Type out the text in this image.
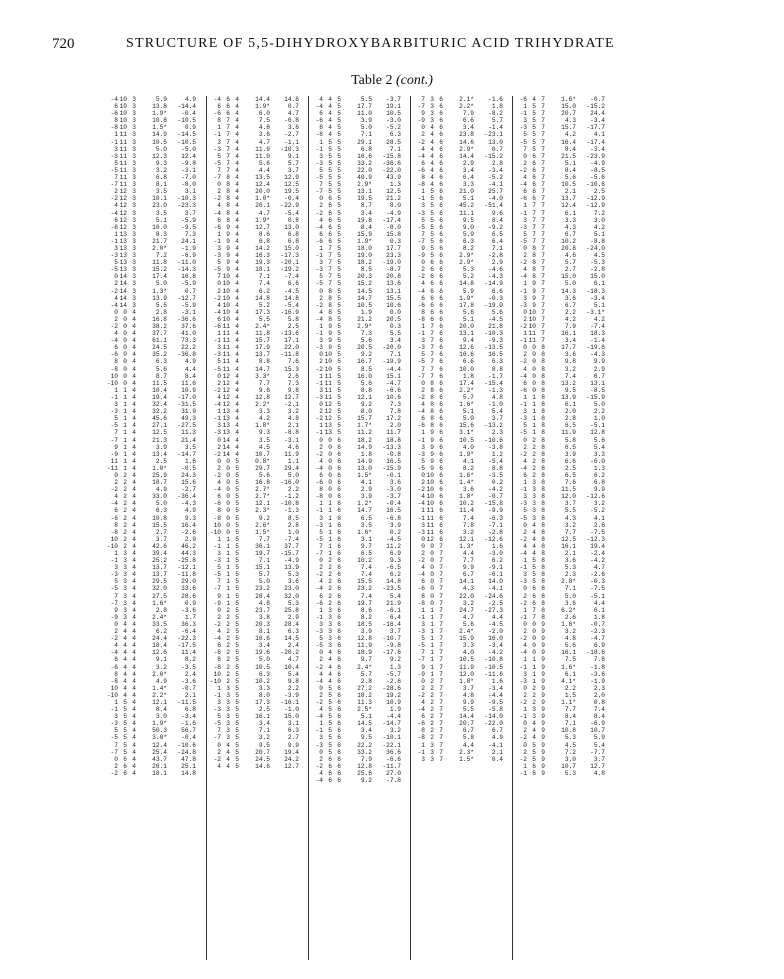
720	STRUCTURE OF 5,5-DIHYDROXYBARBITURIC ACID TRIHYDRATE
Table 2 (cont.)
-4 10 3	5.9	4.9
6 10 3	13.8	-14.4
-6 10 3	1.9*	-0.4
8 10 3	10.8	-10.5
-8 10 3	1.5*	0.9
1 11 3	14.9	-14.5
-1 11 3	10.5	-10.5
3 11 3	5.0	-5.0
-3 11 3	12.3	12.4
5 11 3	9.3	-9.8
-5 11 3	3.2	-3.1
7 11 3	6.8	-7.0
-7 11 3	8.1	-8.0
2 12 3	3.5	3.1
-2 12 3	10.1	-10.3
4 12 3	23.0	-23.3
-4 12 3	3.5	3.7
6 12 3	5.1	-5.9
-6 12 3	10.0	-9.5
1 13 3	8.3	7.3
-1 13 3	21.7	24.1
3 13 3	2.0*	-1.9
-3 13 3	7.2	-6.9
5 13 3	11.8	-11.0
-5 13 3	15.2	-14.3
0 14 3	17.4	16.8
2 14 3	5.0	-5.9
-2 14 3	1.3*	0.7
4 14 3	13.9	-12.7
-4 14 3	5.5	-5.9
0 0 4	2.8	-3.1
2 0 4	16.8	-36.6
-2 0 4	38.2	37.6
4 0 4	37.7	41.0
-4 0 4	61.1	73.3
6 0 4	24.5	22.2
-6 0 4	35.2	-36.8
8 0 4	6.3	4.9
-8 0 4	5.6	4.4
10 0 4	8.7	8.4
-10 0 4	11.5	11.6
1 1 4	10.4	10.9
-1 1 4	19.4	-17.0
3 1 4	32.4	-31.5
-3 1 4	32.2	31.9
5 1 4	45.6	49.3
-5 1 4	27.1	-27.5
7 1 4	12.5	11.3
-7 1 4	21.3	21.4
9 1 4	3.9	3.5
-9 1 4	13.4	-14.7
11 1 4	2.5	1.6
-11 1 4	1.0*	-0.5
0 2 4	25.9	24.3
2 2 4	18.7	15.6
-2 2 4	4.9	-2.7
4 2 4	33.0	-36.4
-4 2 4	5.0	-4.3
6 2 4	6.3	4.9
-6 2 4	10.8	9.3
8 2 4	15.5	16.4
-8 2 4	2.7	-2.6
10 2 4	3.7	2.9
-10 2 4	42.6	46.2
1 3 4	39.4	44.3
-1 3 4	25.2	-25.8
3 3 4	13.7	-12.1
-3 3 4	13.7	-11.8
5 3 4	29.5	29.0
-5 3 4	32.0	33.6
7 3 4	27.5	28.6
-7 3 4	1.6*	0.9
9 3 4	2.8	-3.6
-9 3 4	2.4*	1.7
0 4 4	33.5	36.3
2 4 4	6.2	-6.4
-2 4 4	24.4	-22.3
4 4 4	18.4	-17.5
-4 4 4	12.6	11.4
6 4 4	9.1	8.2
-6 4 4	3.2	-3.5
8 4 4	2.0*	2.4
-8 4 4	4.9	-3.6
10 4 4	1.4*	-0.7
-10 4 4	2.2*	2.1
1 5 4	12.1	-11.5
-1 5 4	8.4	6.8
3 5 4	3.0	-3.4
-3 5 4	1.9*	-1.6
5 5 4	50.3	56.7
-5 5 4	3.0*	-0.4
7 5 4	12.4	-10.6
-7 5 4	25.4	-24.8
0 6 4	43.7	47.8
2 6 4	26.1	25.1
-2 6 4	18.1	14.8
-4 6 4	14.4	14.6
6 6 4	1.9*	0.7
-6 6 4	6.0	4.7
8 7 4	7.5	-6.8
1 7 4	4.8	3.6
-1 7 4	3.6	-2.7
3 7 4	4.7	-1.1
-3 7 4	11.9	-10.3
5 7 4	11.0	9.1
-5 7 4	5.6	5.7
7 7 4	4.4	3.7
-7 8 4	13.5	12.9
0 8 4	12.4	12.5
2 8 4	20.0	19.5
-2 8 4	1.0*	-0.4
4 8 4	26.1	-22.9
-4 8 4	4.7	-5.4
6 8 4	1.9*	0.8
-6 9 4	12.7	13.0
1 9 4	8.6	6.8
-1 9 4	6.8	6.8
3 9 4	14.2	15.0
-3 9 4	16.3	-17.3
5 9 4	19.3	-20.1
-5 9 4	18.1	-19.2
7 10 4	7.1	-7.4
0 10 4	7.4	6.6
2 10 4	6.2	-4.5
-2 10 4	14.8	14.8
4 10 4	5.2	-5.4
-4 10 4	17.3	-16.9
6 10 4	5.5	5.8
-6 11 4	2.4*	2.5
1 11 4	11.8	-13.6
-1 11 4	15.7	17.1
3 11 4	17.9	22.0
-3 11 4	13.7	-11.8
5 11 4	8.8	7.6
-5 11 4	14.7	15.3
0 12 4	3.3*	2.6
2 12 4	7.7	7.3
-2 12 4	9.6	9.8
4 12 4	12.8	12.7
-4 12 4	2.2*	-2.1
1 13 4	3.3	3.2
-1 13 4	4.2	4.8
3 13 4	1.8*	2.1
-3 13 4	9.3	-8.8
0 14 4	3.5	-3.1
2 14 4	4.5	4.6
-2 14 4	10.7	11.9
0 0 5	0.8*	1.1
2 0 5	29.7	29.4
-2 0 5	5.6	5.0
4 0 5	16.8	-16.0
-4 0 5	2.7*	2.2
6 0 5	2.7*	-1.2
-6 0 5	12.1	-10.8
8 0 5	2.3*	-1.3
-8 0 5	9.2	8.5
10 0 5	2.6*	2.8
-10 0 5	1.5*	1.0
1 1 5	7.7	-7.4
-1 1 5	36.1	37.7
3 1 5	19.7	-15.7
-3 1 5	7.1	-4.9
5 1 5	15.1	13.9
-5 1 5	5.7	5.3
7 1 5	5.0	3.6
-7 1 5	23.2	23.0
9 1 5	28.4	32.0
-9 1 5	4.8	5.3
0 2 5	23.7	25.8
2 2 5	3.8	2.9
-2 2 5	20.3	28.4
4 2 5	8.1	6.3
-4 2 5	16.6	14.5
6 2 5	3.4	2.4
-6 2 5	19.6	-20.2
8 2 5	5.0	4.7
-8 2 5	10.5	10.4
10 2 5	6.3	5.4
-10 2 5	10.2	9.8
1 3 5	3.3	2.2
-1 3 5	8.0	-3.9
3 3 5	17.3	-16.1
-3 3 5	2.5	-1.0
5 3 5	16.1	15.0
-5 3 5	3.4	3.1
7 3 5	7.1	6.3
-7 3 5	3.2	2.7
0 4 5	9.5	9.9
2 4 5	20.7	19.4
-2 4 5	24.5	24.2
4 4 5	14.6	12.7
4 4 5	5.5	-3.7
-4 4 5	17.7	19.1
6 4 5	11.0	10.5
-6 4 5	3.9	-3.0
8 4 5	5.0	-5.2
-8 4 5	7.1	6.3
1 5 5	29.1	28.5
-1 5 5	6.8	7.1
3 5 5	16.6	-15.8
-3 5 5	33.2	-36.6
5 5 5	22.0	-22.0
-5 5 5	40.9	43.9
7 5 5	2.9*	1.3
-7 5 5	13.1	12.5
0 6 5	19.5	21.2
2 6 5	8.7	8.0
-2 6 5	3.4	-4.9
4 6 5	19.8	-17.4
-4 6 5	8.4	-8.0
6 6 5	15.9	15.8
-6 6 5	1.9*	0.3
1 7 5	18.0	17.7
-1 7 5	19.0	23.3
3 7 5	18.2	-19.0
-3 7 5	8.5	-8.7
5 7 5	20.3	20.8
-5 7 5	15.2	13.6
0 8 5	14.5	13.1
2 8 5	14.7	15.5
-2 8 5	10.5	10.6
4 8 5	1.9	0.0
-4 8 5	21.2	20.5
1 9 5	2.9*	0.3
-1 9 5	7.3	5.5
3 9 5	5.6	3.4
-3 9 5	20.5	-20.0
0 10 5	9.2	7.1
2 10 5	16.7	-19.9
-2 10 5	8.5	-4.4
1 11 5	16.0	15.1
-1 11 5	5.6	-4.7
3 11 5	8.8	-6.6
-3 11 5	12.1	10.6
0 12 5	9.2	7.3
2 12 5	8.0	7.8
-2 12 5	15.7	17.2
1 13 5	1.7*	2.0
-1 13 5	11.2	11.7
0 0 6	18.2	18.8
2 0 6	14.9	-13.3
-2 0 6	1.8	-0.8
4 0 6	14.9	16.5
-4 0 6	13.0	-15.9
6 0 6	1.5*	-0.1
-6 0 6	4.1	3.6
8 0 6	2.9	-3.0
-8 0 6	3.9	-3.7
1 1 6	1.2*	-0.4
-1 1 6	14.7	16.5
3 1 6	6.5	-6.8
-3 1 6	3.5	3.9
5 1 6	1.6*	0.2
-5 1 6	3.1	-4.5
7 1 6	9.7	11.2
-7 1 6	6.5	6.9
0 2 6	10.2	9.3
2 2 6	7.4	-6.5
-2 2 6	7.4	6.2
4 2 6	15.5	14.8
-4 2 6	23.2	-23.5
6 2 6	7.4	5.4
-6 2 6	19.7	21.9
1 3 6	8.6	-6.1
-1 3 6	8.2	6.4
3 3 6	18.5	-16.4
-3 3 6	3.9	3.7
5 3 6	12.8	-10.7
-5 3 6	11.9	-9.8
0 4 6	18.9	-17.6
2 4 6	9.7	9.2
-2 4 6	2.4*	1.3
4 4 6	5.7	-5.7
-4 4 6	2.8	-2.6
0 5 6	27.2	-28.6
2 5 6	18.2	19.2
-2 5 6	11.3	10.9
4 5 6	2.5*	1.9
-4 5 6	5.1	-4.4
1 5 6	14.5	-14.7
-1 5 6	3.4	3.2
3 5 6	9.5	-10.1
-3 5 6	22.2	-22.1
0 5 6	33.2	36.6
2 6 6	7.9	-6.6
-2 6 6	12.8	-11.7
4 6 6	25.6	27.0
-4 6 6	9.2	-7.8
7 3 6	2.1*	-1.6
-7 3 6	2.2*	1.8
9 3 6	7.9	-8.2
-9 3 6	6.6	5.7
0 4 6	3.4	-1.4
2 4 6	23.8	-23.1
-2 4 6	14.6	13.0
4 4 6	2.9*	0.7
-4 4 6	14.4	-15.2
6 4 6	2.9	2.8
-6 4 6	3.4	-3.4
8 4 6	6.4	-5.2
-8 4 6	3.3	-4.1
1 5 6	21.0	25.7
-1 5 6	5.1	-4.0
3 5 6	45.2	-51.4
-3 5 6	11.1	9.6
5 5 6	9.5	8.4
-5 5 6	9.0	-9.2
7 5 6	5.9	6.5
-7 5 6	6.3	6.4
9 5 6	8.2	7.1
-9 5 6	2.9*	-2.8
0 6 6	2.9*	2.9
2 6 6	5.3	-4.6
-2 6 6	5.2	-4.3
4 6 6	14.8	-14.9
-4 6 6	5.9	6.6
6 6 6	1.9*	-0.3
-6 6 6	17.8	-19.0
8 6 6	5.6	5.6
-8 6 6	5.1	-4.5
1 7 6	20.0	21.8
-1 7 6	13.1	-10.3
3 7 6	9.4	-9.3
-3 7 6	12.6	-13.5
5 7 6	16.6	16.5
-5 7 6	6.6	6.3
7 7 6	10.0	8.8
-7 7 6	1.8	-1.7
0 8 6	17.4	-15.4
2 8 6	2.2*	-1.3
-2 8 6	5.7	4.8
4 8 6	1.6*	-1.0
-4 8 6	5.1	5.4
6 8 6	5.0	3.7
-6 8 6	15.6	-13.2
1 9 6	3.1*	2.3
-1 9 6	10.5	-10.6
3 9 6	4.0	-3.8
-3 9 6	1.9*	1.2
5 9 6	4.1	-5.4
-5 9 6	8.2	8.8
0 10 6	1.6*	-3.5
2 10 6	1.4*	0.2
-2 10 6	3.6	-4.2
4 10 6	1.8*	-0.7
-4 10 6	10.2	-15.8
1 11 6	11.4	-9.9
-1 11 6	7.4	-6.3
3 11 6	7.8	-7.1
-3 11 6	3.2	-2.8
0 12 6	12.1	-12.6
0 0 7	1.3*	1.6
2 0 7	4.4	-3.0
-2 0 7	7.7	6.2
4 0 7	9.9	-9.1
-4 0 7	6.7	-6.1
6 0 7	14.1	14.0
-6 0 7	4.3	-4.1
8 0 7	22.0	-24.6
-8 0 7	3.2	-2.5
1 1 7	24.7	-27.3
-1 1 7	4.7	4.4
3 1 7	5.6	-4.5
-3 1 7	2.4*	-2.0
5 1 7	15.9	16.0
-5 1 7	3.3	-3.4
7 1 7	4.0	-4.2
-7 1 7	10.5	-10.8
9 1 7	11.9	-10.5
-9 1 7	12.0	-11.6
0 2 7	1.8*	1.6
2 2 7	3.7	-3.4
-2 2 7	4.8	-4.4
4 2 7	9.9	-9.5
-4 2 7	5.5	-5.8
6 2 7	14.4	-14.0
-6 2 7	20.7	-22.0
8 2 7	6.7	6.7
-8 2 7	5.8	4.9
1 3 7	4.4	-4.1
-1 3 7	2.3*	2.1
3 3 7	1.5*	0.4
-6 4 7	1.6*	-0.7
1 5 7	15.0	-15.2
-1 5 7	20.7	24.4
3 5 7	4.3	-3.4
-3 5 7	15.7	-17.7
5 5 7	4.2	4.1
-5 5 7	16.4	-17.4
7 5 7	8.4	-3.4
0 6 7	21.5	-23.9
2 6 7	5.1	-4.9
-2 6 7	8.4	-8.5
4 6 7	5.6	-5.6
-4 6 7	10.5	-10.6
6 6 7	2.1	2.5
-6 6 7	13.7	-12.9
1 7 7	12.4	-12.9
-1 7 7	6.1	7.2
3 7 7	3.3	3.0
-3 7 7	4.3	4.2
5 7 7	6.7	5.1
-5 7 7	10.2	-8.8
0 8 7	20.8	-24.0
2 8 7	4.6	4.5
-2 8 7	5.7	-5.3
4 8 7	2.7	-2.8
-4 8 7	15.0	15.0
1 9 7	5.0	6.1
-1 9 7	14.3	-18.3
3 9 7	3.6	-3.4
-3 9 7	6.7	5.1
0 10 7	2.2	-3.1*
2 10 7	4.2	4.2
-2 10 7	7.9	-7.4
1 11 7	16.1	18.3
-1 11 7	3.4	-1.4
0 0 8	17.7	-19.6
2 0 8	3.6	-4.3
-2 0 8	9.8	9.9
4 0 8	3.2	2.9
-4 0 8	7.4	6.7
6 0 8	13.2	13.1
-6 0 8	9.5	-8.5
1 1 8	13.9	-15.9
-1 1 8	6.1	5.0
3 1 8	2.0	2.2
-3 1 8	2.8	1.0
5 1 8	6.5	-5.1
-5 1 8	11.9	12.8
0 2 8	5.8	5.6
2 2 8	6.5	5.4
-2 2 8	3.9	3.3
4 2 8	6.6	-6.0
-4 2 8	2.5	1.3
6 2 8	6.5	6.2
1 3 8	7.6	6.8
-1 3 8	11.5	9.9
3 3 8	12.0	-12.6
-3 3 8	3.7	3.2
5 3 8	5.5	-5.2
-5 3 8	4.3	4.1
0 4 8	3.2	2.6
2 4 8	7.7	-7.5
-2 4 8	12.5	-12.3
4 4 8	16.1	19.4
-4 4 8	2.1	-2.4
1 5 8	3.6	-4.2
-1 5 8	5.3	4.7
3 5 8	2.3	-2.6
-3 5 8	2.8*	-0.3
0 6 8	7.1	-7.5
2 6 8	5.0	-5.1
-2 6 8	3.6	4.4
1 7 8	6.2*	6.1
-1 7 8	2.6	1.8
0 0 9	1.6*	-0.7
2 0 9	3.2	-2.3
-2 0 9	4.8	-4.7
4 0 9	5.6	6.9
-4 0 9	16.1	-18.6
1 1 9	7.5	7.8
-1 1 9	1.6*	-1.8
3 1 9	6.1	-3.6
-3 1 9	4.1*	-1.9
0 2 9	2.2	2.3
2 2 9	1.5	2.0
-2 2 9	1.1*	0.8
1 3 9	7.7	7.4
-1 3 9	8.4	8.4
0 4 9	7.1	-6.9
2 4 9	10.8	10.7
-2 4 9	5.3	5.9
0 5 9	4.5	5.4
2 5 9	7.2	-7.7
-2 5 9	3.0	3.7
1 6 9	10.7	12.7
-1 6 9	5.3	4.8
